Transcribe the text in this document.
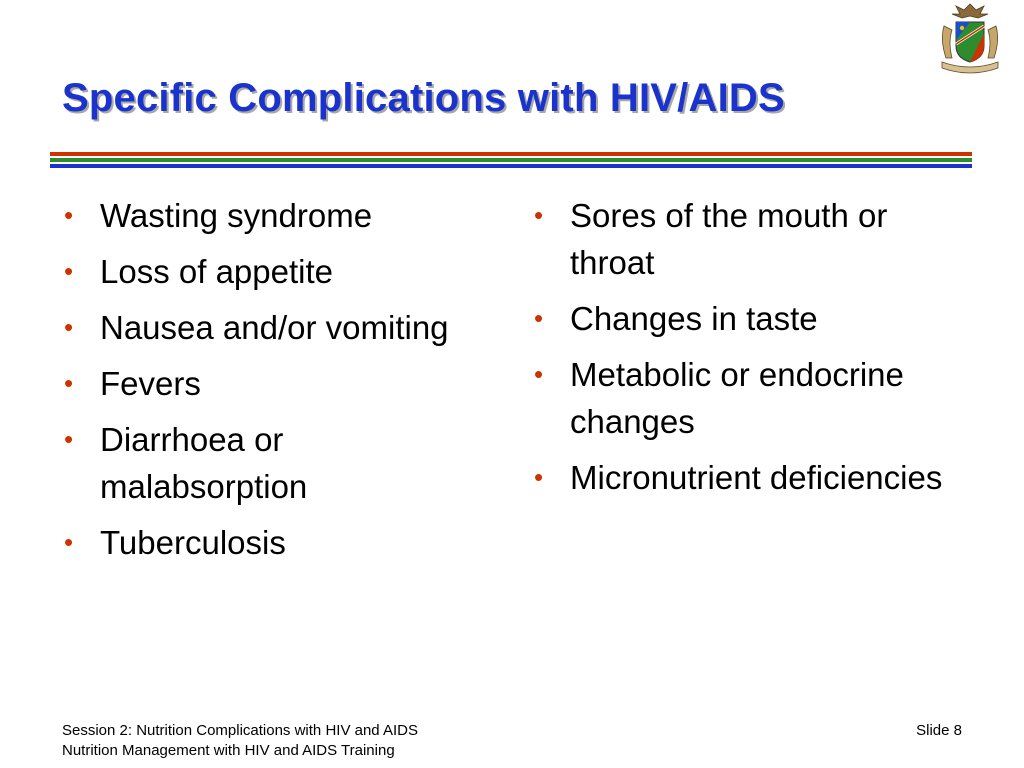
Specific Complications with HIV/AIDS
• Wasting syndrome
• Loss of appetite
• Nausea and/or vomiting
• Fevers
• Diarrhoea or malabsorption
• Tuberculosis
• Sores of the mouth or throat
• Changes in taste
• Metabolic or endocrine changes
• Micronutrient deficiencies
Session 2: Nutrition Complications with HIV and AIDS
Nutrition Management with HIV and AIDS Training
Slide 8
